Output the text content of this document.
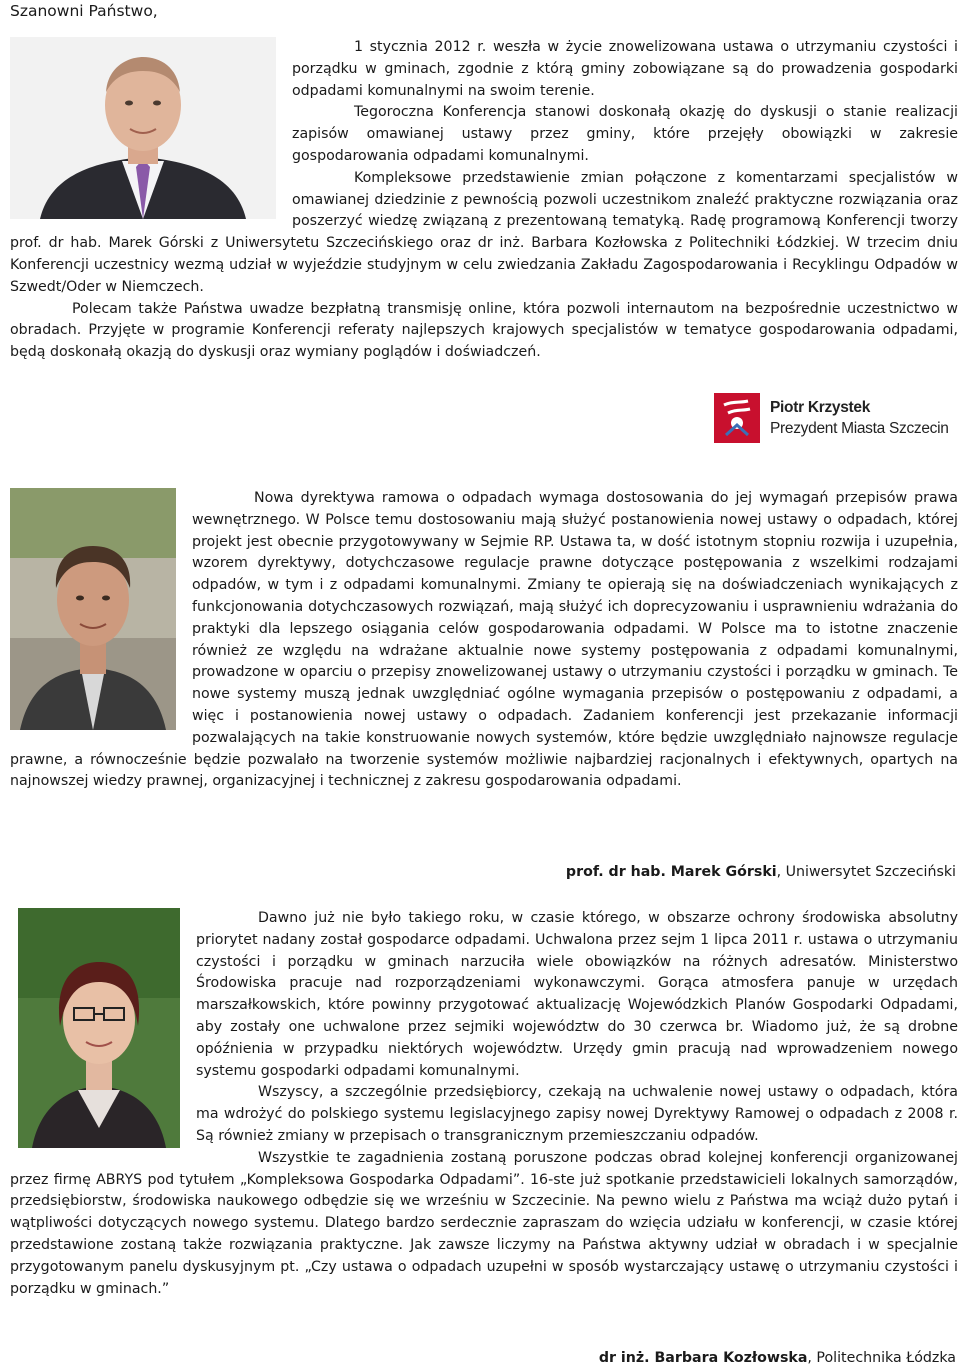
Szanowni Państwo,

1 stycznia 2012 r. weszła w życie znowelizowana ustawa o utrzymaniu czystości i porządku w gminach, zgodnie z którą gminy zobowiązane są do prowadzenia gospodarki odpadami komunalnymi na swoim terenie.

Tegoroczna Konferencja stanowi doskonałą okazję do dyskusji o stanie realizacji zapisów omawianej ustawy przez gminy, które przejęły obowiązki w zakresie gospodarowania odpadami komunalnymi.

Kompleksowe przedstawienie zmian połączone z komentarzami specjalistów w omawianej dziedzinie z pewnością pozwoli uczestnikom znaleźć praktyczne rozwiązania oraz poszerzyć wiedzę związaną z prezentowaną tematyką. Radę programową Konferencji tworzy prof. dr hab. Marek Górski z Uniwersytetu Szczecińskiego oraz dr inż. Barbara Kozłowska z Politechniki Łódzkiej. W trzecim dniu Konferencji uczestnicy wezmą udział w wyjeździe studyjnym w celu zwiedzania Zakładu Zagospodarowania i Recyklingu Odpadów w Szwedt/Oder w Niemczech.

Polecam także Państwa uwadze bezpłatną transmisję online, która pozwoli internautom na bezpośrednie uczestnictwo w obradach. Przyjęte w programie Konferencji referaty najlepszych krajowych specjalistów w tematyce gospodarowania odpadami, będą doskonałą okazją do dyskusji oraz wymiany poglądów i doświadczeń.

Piotr Krzystek
Prezydent Miasta Szczecin

Nowa dyrektywa ramowa o odpadach wymaga dostosowania do jej wymagań przepisów prawa wewnętrznego. W Polsce temu dostosowaniu mają służyć postanowienia nowej ustawy o odpadach, której projekt jest obecnie przygotowywany w Sejmie RP. Ustawa ta, w dość istotnym stopniu rozwija i uzupełnia, wzorem dyrektywy, dotychczasowe regulacje prawne dotyczące postępowania z wszelkimi rodzajami odpadów, w tym i z odpadami komunalnymi. Zmiany te opierają się na doświadczeniach wynikających z funkcjonowania dotychczasowych rozwiązań, mają służyć ich doprecyzowaniu i usprawnieniu wdrażania do praktyki dla lepszego osiągania celów gospodarowania odpadami. W Polsce ma to istotne znaczenie również ze względu na wdrażane aktualnie nowe systemy postępowania z odpadami komunalnymi, prowadzone w oparciu o przepisy znowelizowanej ustawy o utrzymaniu czystości i porządku w gminach. Te nowe systemy muszą jednak uwzględniać ogólne wymagania przepisów o postępowaniu z odpadami, a więc i postanowienia nowej ustawy o odpadach. Zadaniem konferencji jest przekazanie informacji pozwalających na takie konstruowanie nowych systemów, które będzie uwzględniało najnowsze regulacje prawne, a równocześnie będzie pozwalało na tworzenie systemów możliwie najbardziej racjonalnych i efektywnych, opartych na najnowszej wiedzy prawnej, organizacyjnej i technicznej z zakresu gospodarowania odpadami.

prof. dr hab. Marek Górski, Uniwersytet Szczeciński

Dawno już nie było takiego roku, w czasie którego, w obszarze ochrony środowiska absolutny priorytet nadany został gospodarce odpadami. Uchwalona przez sejm 1 lipca 2011 r. ustawa o utrzymaniu czystości i porządku w gminach narzuciła wiele obowiązków na różnych adresatów. Ministerstwo Środowiska pracuje nad rozporządzeniami wykonawczymi. Gorąca atmosfera panuje w urzędach marszałkowskich, które powinny przygotować aktualizację Wojewódzkich Planów Gospodarki Odpadami, aby zostały one uchwalone przez sejmiki województw do 30 czerwca br. Wiadomo już, że są drobne opóźnienia w przypadku niektórych województw. Urzędy gmin pracują nad wprowadzeniem nowego systemu gospodarki odpadami komunalnymi.

Wszyscy, a szczególnie przedsiębiorcy, czekają na uchwalenie nowej ustawy o odpadach, która ma wdrożyć do polskiego systemu legislacyjnego zapisy nowej Dyrektywy Ramowej o odpadach z 2008 r. Są również zmiany w przepisach o transgranicznym przemieszczaniu odpadów.

Wszystkie te zagadnienia zostaną poruszone podczas obrad kolejnej konferencji organizowanej przez firmę ABRYS pod tytułem „Kompleksowa Gospodarka Odpadami”. 16-ste już spotkanie przedstawicieli lokalnych samorządów, przedsiębiorstw, środowiska naukowego odbędzie się we wrześniu w Szczecinie. Na pewno wielu z Państwa ma wciąż dużo pytań i wątpliwości dotyczących nowego systemu. Dlatego bardzo serdecznie zapraszam do wzięcia udziału w konferencji, w czasie której przedstawione zostaną także rozwiązania praktyczne. Jak zawsze liczymy na Państwa aktywny udział w obradach i w specjalnie przygotowanym panelu dyskusyjnym pt. „Czy ustawa o odpadach uzupełni w sposób wystarczający ustawę o utrzymaniu czystości i porządku w gminach.”

dr inż. Barbara Kozłowska, Politechnika Łódzka
